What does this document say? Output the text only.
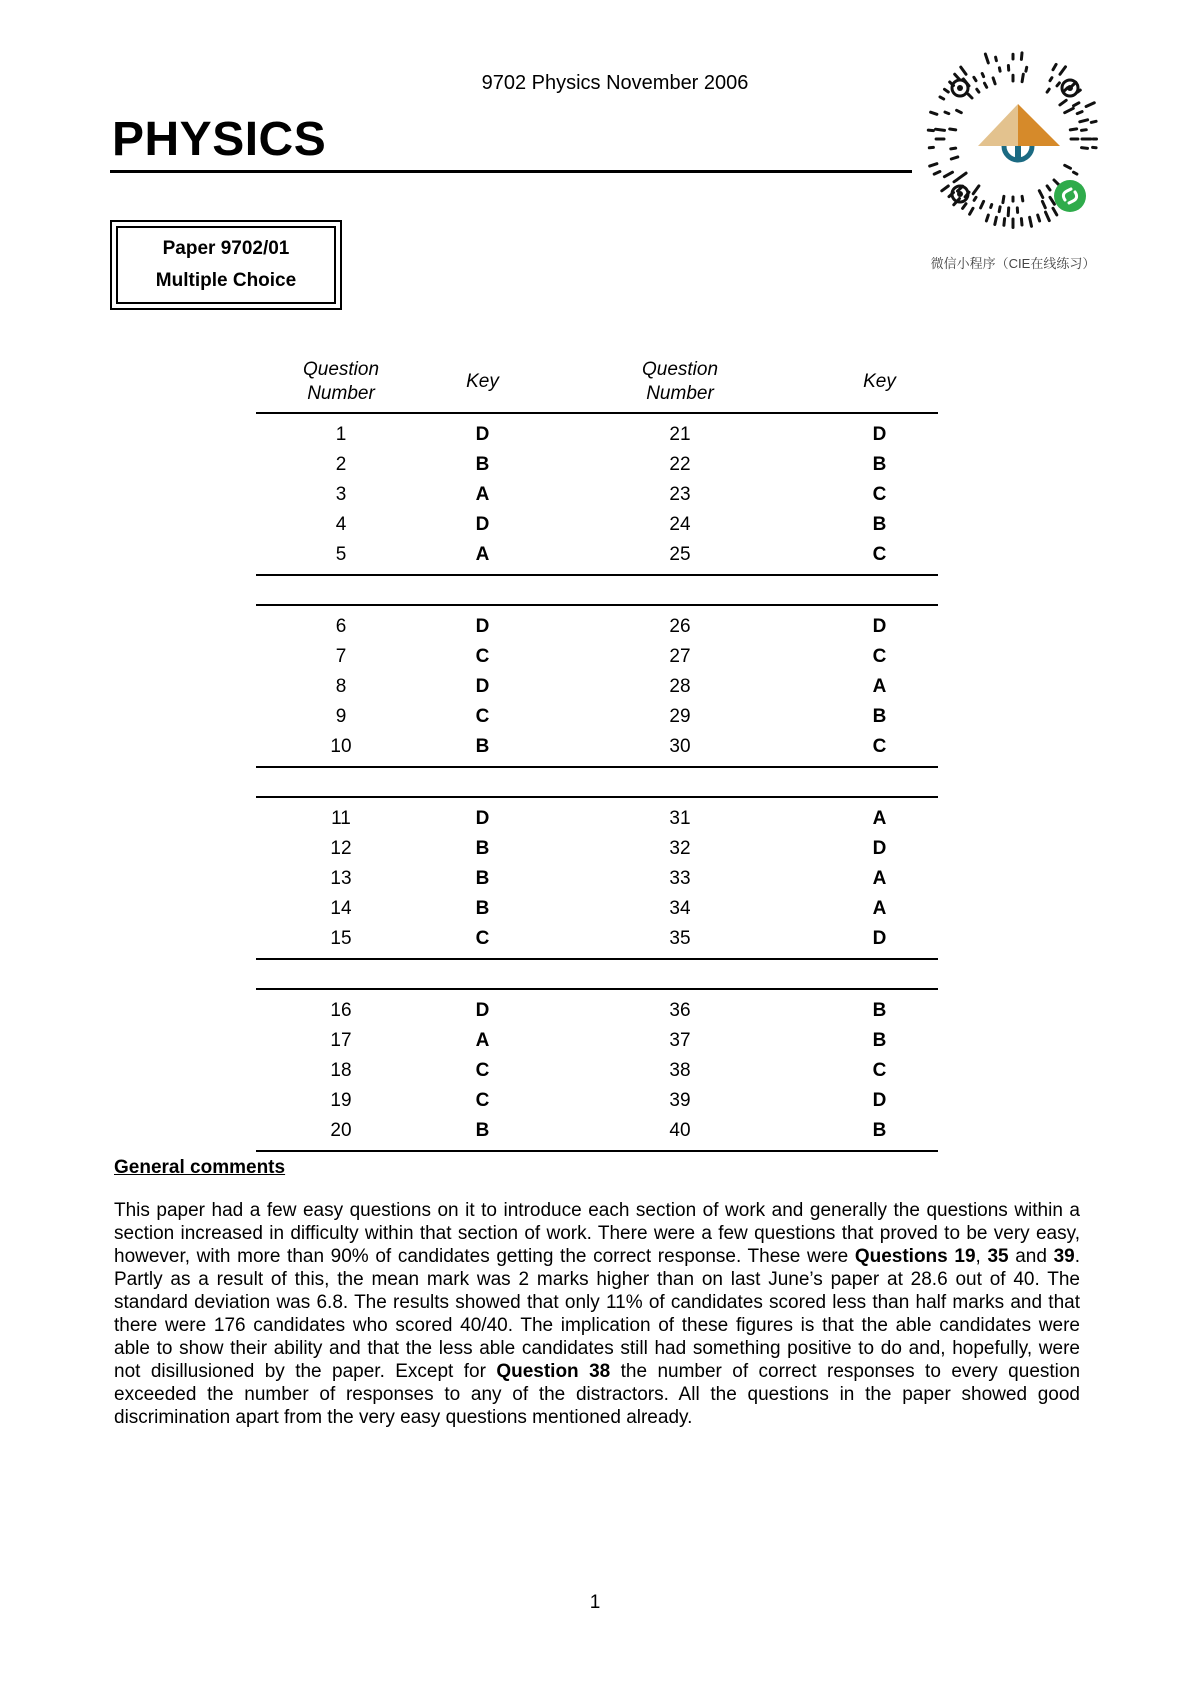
9702 Physics November 2006
PHYSICS
Paper 9702/01
Multiple Choice
微信小程序（CIE在线练习）
Question
Number
Key
Question
Number
Key
1	D	21	D
2	B	22	B
3	A	23	C
4	D	24	B
5	A	25	C
6	D	26	D
7	C	27	C
8	D	28	A
9	C	29	B
10	B	30	C
11	D	31	A
12	B	32	D
13	B	33	A
14	B	34	A
15	C	35	D
16	D	36	B
17	A	37	B
18	C	38	C
19	C	39	D
20	B	40	B
General comments
This paper had a few easy questions on it to introduce each section of work and generally the questions within a section increased in difficulty within that section of work. There were a few questions that proved to be very easy, however, with more than 90% of candidates getting the correct response. These were Questions 19, 35 and 39. Partly as a result of this, the mean mark was 2 marks higher than on last June’s paper at 28.6 out of 40. The standard deviation was 6.8. The results showed that only 11% of candidates scored less than half marks and that there were 176 candidates who scored 40/40. The implication of these figures is that the able candidates were able to show their ability and that the less able candidates still had something positive to do and, hopefully, were not disillusioned by the paper. Except for Question 38 the number of correct responses to every question exceeded the number of responses to any of the distractors. All the questions in the paper showed good discrimination apart from the very easy questions mentioned already.
1
